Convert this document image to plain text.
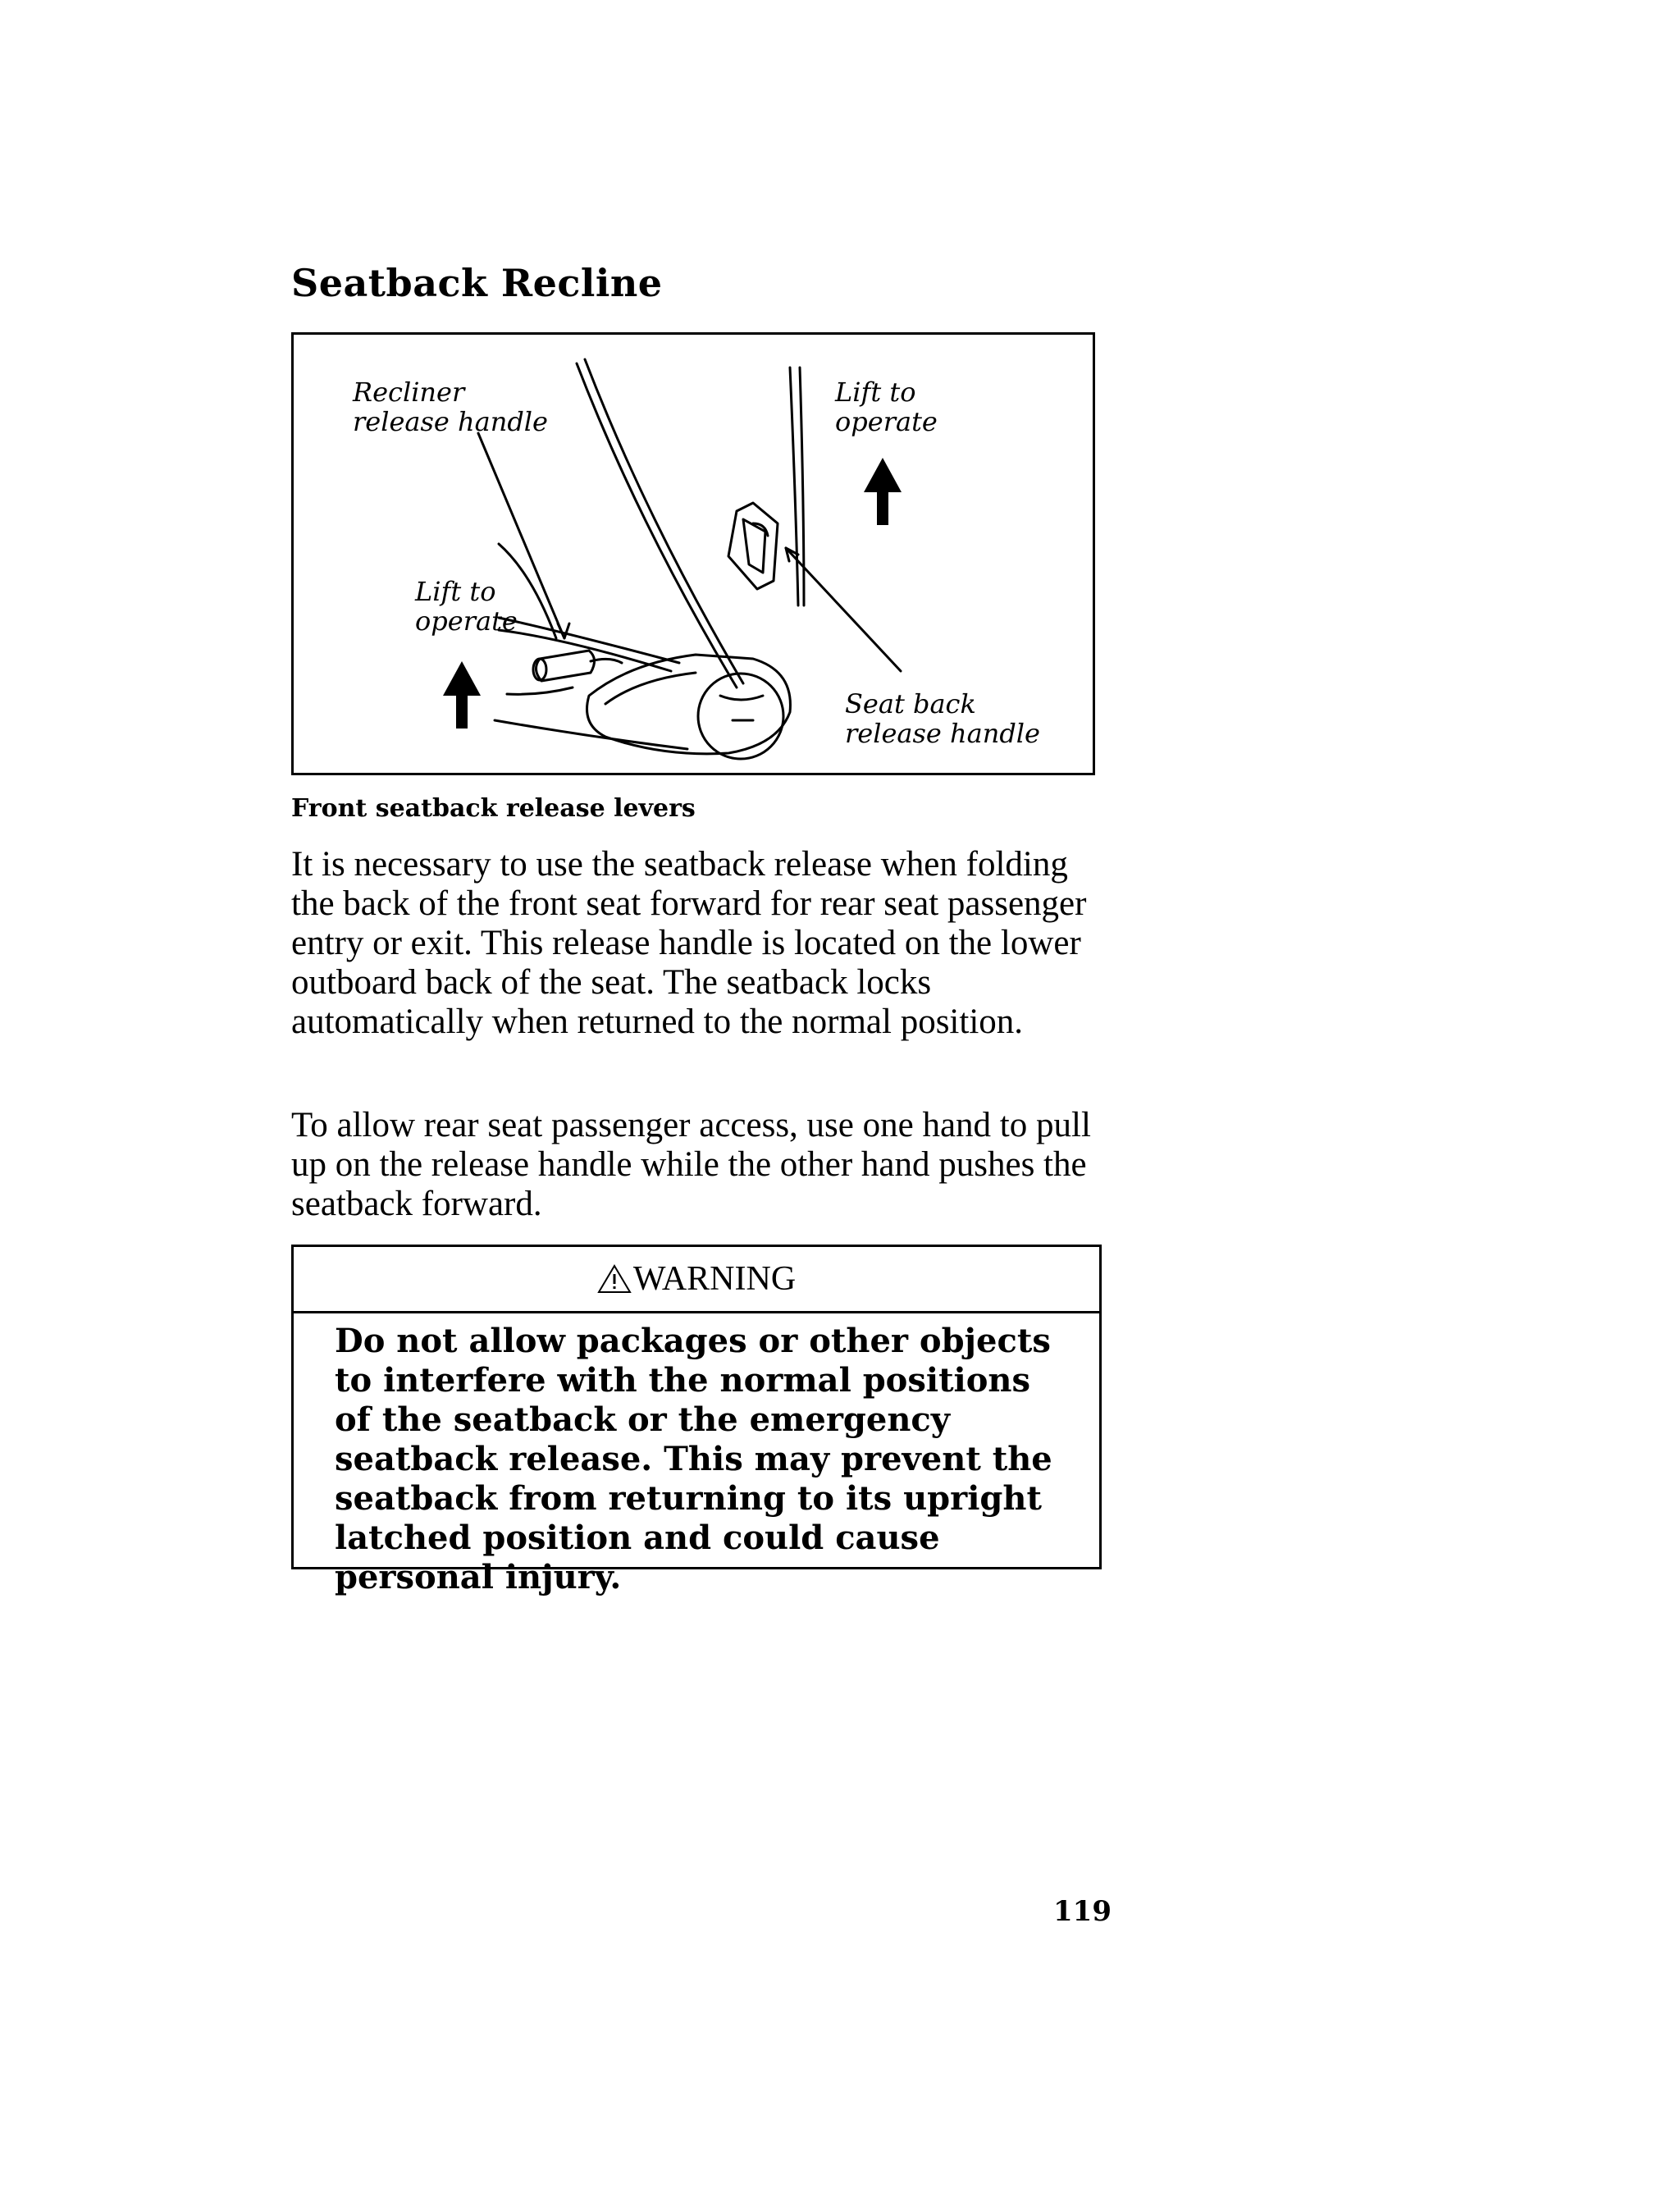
Seatback Recline
Recliner
release handle
Lift to
operate
Lift to
operate
Seat back
release handle
Front seatback release levers

It is necessary to use the seatback release when folding the back of the front seat forward for rear seat passenger entry or exit. This release handle is located on the lower outboard back of the seat. The seatback locks automatically when returned to the normal position.

To allow rear seat passenger access, use one hand to pull up on the release handle while the other hand pushes the seatback forward.

WARNING

Do not allow packages or other objects to interfere with the normal positions of the seatback or the emergency seatback release. This may prevent the seatback from returning to its upright latched position and could cause personal injury.

119
